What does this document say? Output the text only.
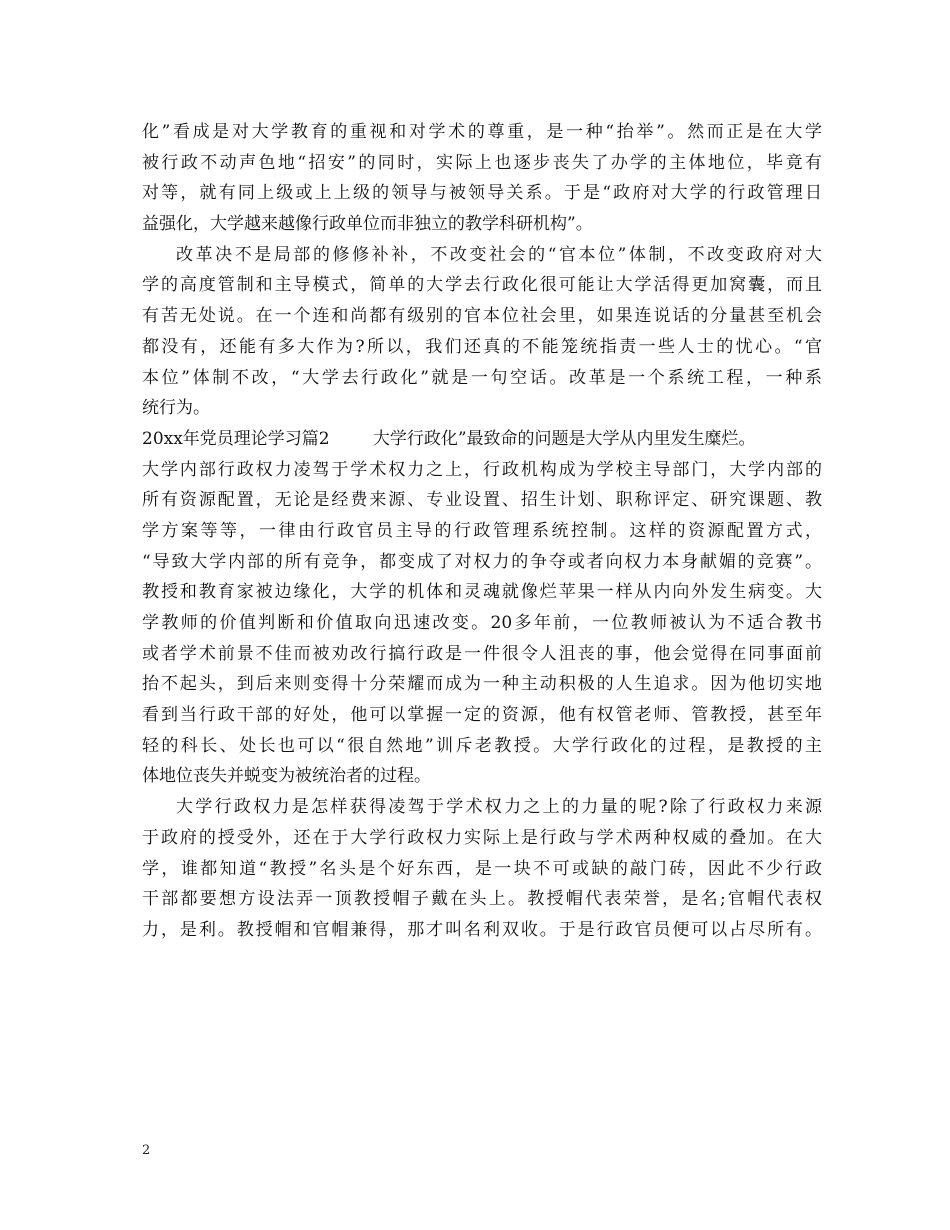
化”看成是对大学教育的重视和对学术的尊重，是一种“抬举”。然而正是在大学
被行政不动声色地“招安”的同时，实际上也逐步丧失了办学的主体地位，毕竟有
对等，就有同上级或上上级的领导与被领导关系。于是“政府对大学的行政管理日
益强化，大学越来越像行政单位而非独立的教学科研机构”。
改革决不是局部的修修补补，不改变社会的“官本位”体制，不改变政府对大
学的高度管制和主导模式，简单的大学去行政化很可能让大学活得更加窝囊，而且
有苦无处说。在一个连和尚都有级别的官本位社会里，如果连说话的分量甚至机会
都没有，还能有多大作为?所以，我们还真的不能笼统指责一些人士的忧心。“官
本位”体制不改，“大学去行政化”就是一句空话。改革是一个系统工程，一种系
统行为。
20xx年党员理论学习篇2        大学行政化”最致命的问题是大学从内里发生糜烂。
大学内部行政权力凌驾于学术权力之上，行政机构成为学校主导部门，大学内部的
所有资源配置，无论是经费来源、专业设置、招生计划、职称评定、研究课题、教
学方案等等，一律由行政官员主导的行政管理系统控制。这样的资源配置方式，
“导致大学内部的所有竞争，都变成了对权力的争夺或者向权力本身献媚的竞赛”。
教授和教育家被边缘化，大学的机体和灵魂就像烂苹果一样从内向外发生病变。大
学教师的价值判断和价值取向迅速改变。20多年前，一位教师被认为不适合教书
或者学术前景不佳而被劝改行搞行政是一件很令人沮丧的事，他会觉得在同事面前
抬不起头，到后来则变得十分荣耀而成为一种主动积极的人生追求。因为他切实地
看到当行政干部的好处，他可以掌握一定的资源，他有权管老师、管教授，甚至年
轻的科长、处长也可以“很自然地”训斥老教授。大学行政化的过程，是教授的主
体地位丧失并蜕变为被统治者的过程。
大学行政权力是怎样获得凌驾于学术权力之上的力量的呢?除了行政权力来源
于政府的授受外，还在于大学行政权力实际上是行政与学术两种权威的叠加。在大
学，谁都知道“教授”名头是个好东西，是一块不可或缺的敲门砖，因此不少行政
干部都要想方设法弄一顶教授帽子戴在头上。教授帽代表荣誉，是名;官帽代表权
力，是利。教授帽和官帽兼得，那才叫名利双收。于是行政官员便可以占尽所有。
2
